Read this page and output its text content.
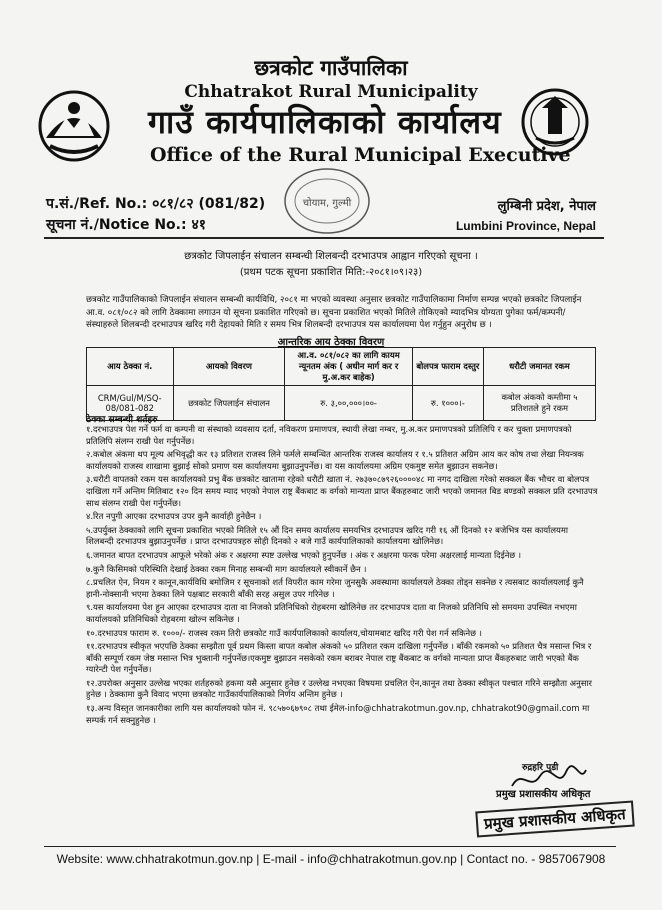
छत्रकोट गाउँपालिका
Chhatrakot Rural Municipality
गाउँ कार्यपालिकाको कार्यालय
Office of the Rural Municipal Executive
चोयाम, गुल्मी
प.सं./Ref. No.: ०८१/८२ (081/82)
सूचना नं./Notice No.: ४१
लुम्बिनी प्रदेश, नेपाल
Lumbini Province, Nepal
छत्रकोट जिपलाईन संचालन सम्बन्धी शिलबन्दी दरभाउपत्र आह्वान गरिएको सूचना ।
(प्रथम पटक सूचना प्रकाशित मिति:-२०८१।०९।२३)
छत्रकोट गाउँपालिकाको जिपलाईन संचालन सम्बन्धी कार्यविधि, २०८१ मा भएको व्यवस्था अनुसार छत्रकोट गाउँपालिकामा निर्माण सम्पन्न भएको छत्रकोट जिपलाईन आ.व. ०८१/०८२ को लागि ठेक्कामा लगाउन यो सूचना प्रकाशित गरिएको छ। सूचना प्रकाशित भएको मितिले तोकिएको म्यादभित्र योग्यता पुगेका फर्म/कम्पनी/संस्थाहरुले शिलबन्दी दरभाउपत्र खरिद गरी देहायको मिति र समय भित्र शिलबन्दी दरभाउपत्र यस कार्यालयमा पेश गर्नुहुन अनुरोध छ ।
आन्तरिक आय ठेक्का विवरण
आय ठेक्का नं.	आयको विवरण	आ.व. ०८१/०८२ का लागि कायम न्यूनतम अंक ( अधीन मार्ग कर र मु.अ.कर बाहेक)	बोलपत्र फाराम दस्तुर	धरौटी जमानत रकम
CRM/Gul/M/SQ-08/081-082	छत्रकोट जिपलाईन संचालन	रु. ३,००,०००।००-	रु. १०००।-	कबोल अंकको कम्तीमा ५ प्रतिशतले हुने रकम
ठेक्का सम्बन्धी शर्तहरु

१.दरभाउपत्र पेश गर्ने फर्म वा कम्पनी वा संस्थाको व्यवसाय दर्ता, नविकरण प्रमाणपत्र, स्थायी लेखा नम्बर, मु.अ.कर प्रमाणपत्रको प्रतिलिपि र कर चुक्ता प्रमाणपत्रको प्रतिलिपि संलग्न राखी पेश गर्नुपर्नेछ।

२.कबोल अंकमा थप मूल्य अभिवृद्धी कर १३ प्रतिशत राजस्व लिने फर्मले सम्बन्धित आन्तरिक राजस्व कार्यालय र १.५ प्रतिशत अग्रिम आय कर कोष तथा लेखा नियन्त्रक कार्यालयको राजस्व शाखामा बुझाई सोको प्रमाण यस कार्यालयमा बुझाउनुपर्नेछ। वा यस कार्यालयमा अग्रिम एकमुष्ट समेत बुझाउन सकनेछ।

३.धरौटी वापतको रकम यस कार्यालयको प्रभु बैंक छत्रकोट खातामा रहेको धरौटी खाता नं. २७३७०८७९२६००००४८ मा नगद दाखिला गरेको सक्कल बैंक भौचर वा बोलपत्र दाखिला गर्ने अन्तिम मितिबाट १२० दिन समय म्याद भएको नेपाल राष्ट्र बैंकबाट क वर्गको मान्यता प्राप्त बैंकहरुबाट जारी भएको जमानत बिड बण्डको सक्कल प्रति दरभाउपत्र साथ संलग्न राखी पेश गर्नुपर्नेछ।

४.रित नपुगी आएका दरभाउपत्र उपर कुनै कार्वाही हुनेछैन ।

५.उपर्युक्त ठेक्काको लागि सूचना प्रकाशित भएको मितिले १५ औं दिन समय कार्यालय समयभित्र दरभाउपत्र खरिद गरी १६ औं दिनको १२ बजेभित्र यस कार्यालयमा शिलबन्दी दरभाउपत्र बुझाउनुपर्नेछ । प्राप्त दरभाउपत्रहरु सोही दिनको २ बजे गाउँ कार्यपालिकाको कार्यालयमा खोलिनेछ।

६.जमानत बापत दरभाउपत्र आफूले भरेको अंक र अक्षरमा स्पष्ट उल्लेख भएको हुनुपर्नेछ । अंक र अक्षरमा फरक परेमा अक्षरलाई मान्यता दिईनेछ ।

७.कुनै किसिमको परिस्थिति देखाई ठेक्का रकम मिनाह सम्बन्धी माग कार्यालयले स्वीकार्ने छैन ।

८.प्रचलित ऐन, नियम र कानून,कार्यविधि बमोजिम र सूचनाको शर्त विपरीत काम गरेमा जुनसुकै अवस्थामा कार्यालयले ठेक्का तोड्न सक्नेछ र त्यसबाट कार्यालयलाई कुनै हानी-नोक्सानी भएमा ठेक्का लिने पक्षबाट सरकारी बाँकी सरह असुल उपर गरिनेछ ।

९.यस कार्यालयमा पेश हुन आएका दरभाउपत्र दाता वा निजको प्रतिनिधिको रोहबरमा खोलिनेछ तर दरभाउपत्र दाता वा निजको प्रतिनिधि सो समयमा उपस्थित नभएमा कार्यालयको प्रतिनिधिको रोहबरमा खोल्न सकिनेछ ।

१०.दरभाउपत्र फाराम रु. १०००/- राजस्व रकम तिरी छत्रकोट गाउँ कार्यपालिकाको कार्यालय,चोयामबाट खरिद गरी पेश गर्न सकिनेछ ।

११.दरभाउपत्र स्वीकृत भएपछि ठेक्का सम्झौता पूर्व प्रथम किस्ता बापत कबोल अंकको ५० प्रतिशत रकम दाखिला गर्नुपर्नेछ । बाँकी रकमको ५० प्रतिशत चैत्र मसान्त भित्र र बाँकी सम्पूर्ण रकम जेष्ठ मसान्त भित्र भुक्तानी गर्नुपर्नेछ।एकमुष्ट बुझाउन नसकेको रकम बराबर नेपाल राष्ट्र बैंकबाट क वर्गको मान्यता प्राप्त बैंकहरुबाट जारी भएको बैंक ग्यारेन्टी पेश गर्नुपर्नेछ।

१२.उपरोक्त अनुसार उल्लेख भएका शर्तहरुको हकमा यसै अनुसार हुनेछ र उल्लेख नभएका विषयमा प्रचलित ऐन,कानून तथा ठेक्का स्वीकृत पश्चात गरिने सम्झौता अनुसार हुनेछ । ठेक्कामा कुनै विवाद भएमा छत्रकोट गाउँकार्यपालिकाको निर्णय अन्तिम हुनेछ ।

१३.अन्य विस्तृत जानकारीका लागि यस कार्यालयको फोन नं. ९८५७०६७९०८ तथा ईमेल-info@chhatrakotmun.gov.np, chhatrakot90@gmail.com मा सम्पर्क गर्न सक्नुहुनेछ ।

रुद्रहरि पुडी
प्रमुख प्रशासकीय अधिकृत
प्रमुख प्रशासकीय अधिकृत
Website: www.chhatrakotmun.gov.np | E-mail - info@chhatrakotmun.gov.np | Contact no. - 9857067908
